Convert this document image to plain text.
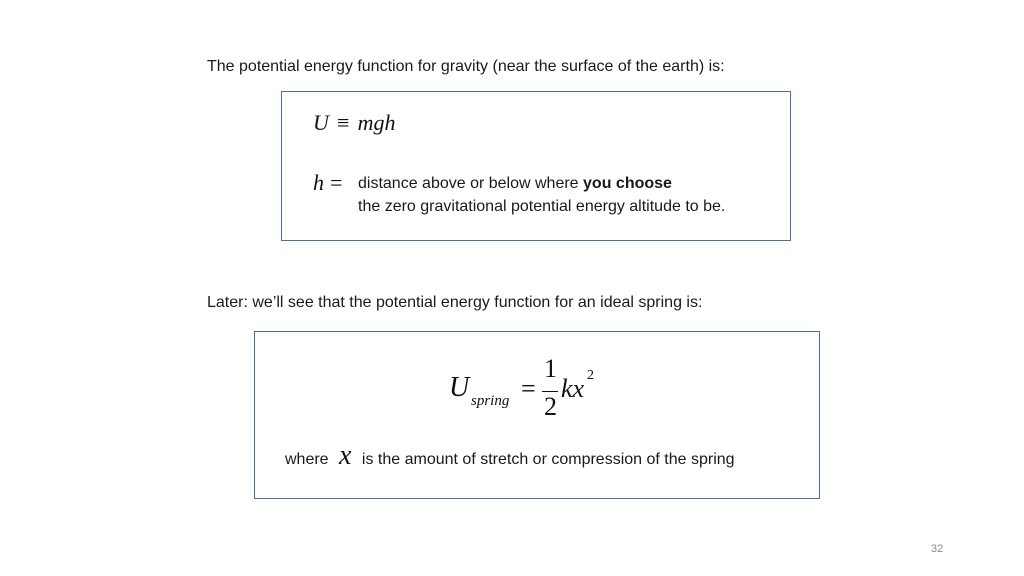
The potential energy function for gravity (near the surface of the earth) is:
U ≡ mgh
h = distance above or below where you choose
the zero gravitational potential energy altitude to be.
Later: we’ll see that the potential energy function for an ideal spring is:
U spring =
1
2
kx 2
where x is the amount of stretch or compression of the spring
32
